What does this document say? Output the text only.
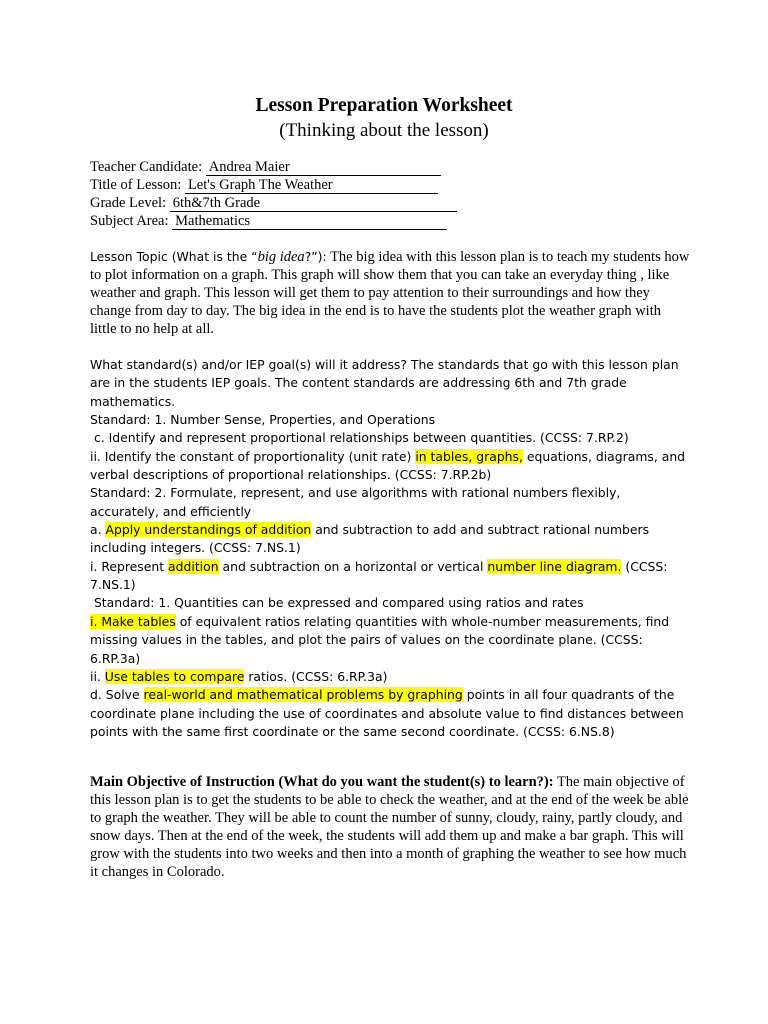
Lesson Preparation Worksheet
(Thinking about the lesson)
Teacher Candidate: Andrea Maier
Title of Lesson: Let's Graph The Weather
Grade Level: 6th&7th Grade
Subject Area: Mathematics

Lesson Topic (What is the “big idea?”): The big idea with this lesson plan is to teach my students how to plot information on a graph. This graph will show them that you can take an everyday thing , like weather and graph. This lesson will get them to pay attention to their surroundings and how they change from day to day. The big idea in the end is to have the students plot the weather graph with little to no help at all.

What standard(s) and/or IEP goal(s) will it address? The standards that go with this lesson plan are in the students IEP goals. The content standards are addressing 6th and 7th grade mathematics.

Standard: 1. Number Sense, Properties, and Operations

c. Identify and represent proportional relationships between quantities. (CCSS: 7.RP.2)

ii. Identify the constant of proportionality (unit rate) in tables, graphs, equations, diagrams, and verbal descriptions of proportional relationships. (CCSS: 7.RP.2b)

Standard: 2. Formulate, represent, and use algorithms with rational numbers flexibly, accurately, and efficiently

a. Apply understandings of addition and subtraction to add and subtract rational numbers including integers. (CCSS: 7.NS.1)

i. Represent addition and subtraction on a horizontal or vertical number line diagram. (CCSS: 7.NS.1)

Standard: 1. Quantities can be expressed and compared using ratios and rates

i. Make tables of equivalent ratios relating quantities with whole-number measurements, find missing values in the tables, and plot the pairs of values on the coordinate plane. (CCSS: 6.RP.3a)

ii. Use tables to compare ratios. (CCSS: 6.RP.3a)

d. Solve real-world and mathematical problems by graphing points in all four quadrants of the coordinate plane including the use of coordinates and absolute value to find distances between points with the same first coordinate or the same second coordinate. (CCSS: 6.NS.8)

Main Objective of Instruction (What do you want the student(s) to learn?): The main objective of this lesson plan is to get the students to be able to check the weather, and at the end of the week be able to graph the weather. They will be able to count the number of sunny, cloudy, rainy, partly cloudy, and snow days. Then at the end of the week, the students will add them up and make a bar graph. This will grow with the students into two weeks and then into a month of graphing the weather to see how much it changes in Colorado.
